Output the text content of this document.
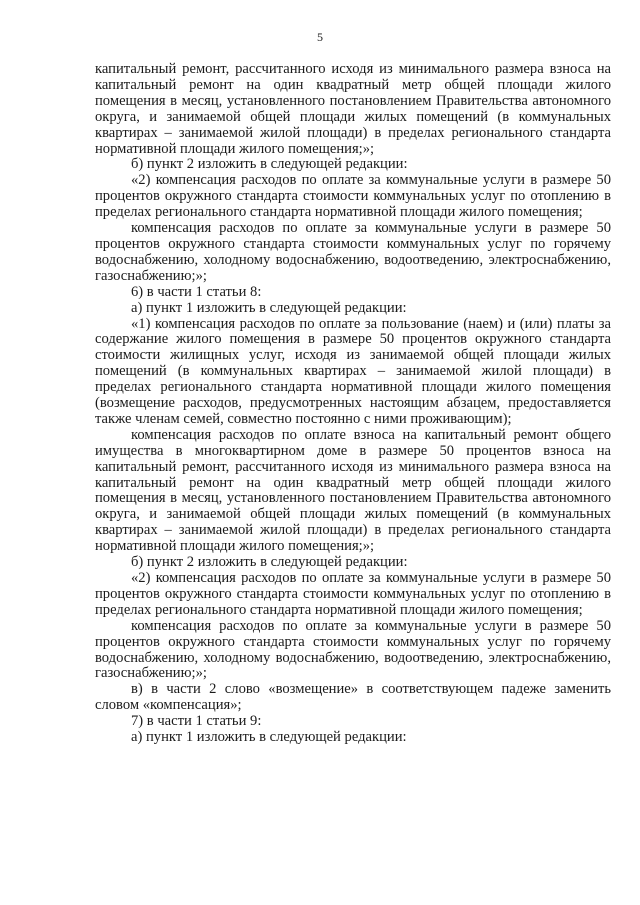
5

капитальный ремонт, рассчитанного исходя из минимального размера взноса на капитальный ремонт на один квадратный метр общей площади жилого помещения в месяц, установленного постановлением Правительства автономного округа, и занимаемой общей площади жилых помещений (в коммунальных квартирах – занимаемой жилой площади) в пределах регионального стандарта нормативной площади жилого помещения;»;

б) пункт 2 изложить в следующей редакции:

«2) компенсация расходов по оплате за коммунальные услуги в размере 50 процентов окружного стандарта стоимости коммунальных услуг по отоплению в пределах регионального стандарта нормативной площади жилого помещения;

компенсация расходов по оплате за коммунальные услуги в размере 50 процентов окружного стандарта стоимости коммунальных услуг по горячему водоснабжению, холодному водоснабжению, водоотведению, электроснабжению, газоснабжению;»;

6) в части 1 статьи 8:

а) пункт 1 изложить в следующей редакции:

«1) компенсация расходов по оплате за пользование (наем) и (или) платы за содержание жилого помещения в размере 50 процентов окружного стандарта стоимости жилищных услуг, исходя из занимаемой общей площади жилых помещений (в коммунальных квартирах – занимаемой жилой площади) в пределах регионального стандарта нормативной площади жилого помещения (возмещение расходов, предусмотренных настоящим абзацем, предоставляется также членам семей, совместно постоянно с ними проживающим);

компенсация расходов по оплате взноса на капитальный ремонт общего имущества в многоквартирном доме в размере 50 процентов взноса на капитальный ремонт, рассчитанного исходя из минимального размера взноса на капитальный ремонт на один квадратный метр общей площади жилого помещения в месяц, установленного постановлением Правительства автономного округа, и занимаемой общей площади жилых помещений (в коммунальных квартирах – занимаемой жилой площади) в пределах регионального стандарта нормативной площади жилого помещения;»;

б) пункт 2 изложить в следующей редакции:

«2) компенсация расходов по оплате за коммунальные услуги в размере 50 процентов окружного стандарта стоимости коммунальных услуг по отоплению в пределах регионального стандарта нормативной площади жилого помещения;

компенсация расходов по оплате за коммунальные услуги в размере 50 процентов окружного стандарта стоимости коммунальных услуг по горячему водоснабжению, холодному водоснабжению, водоотведению, электроснабжению, газоснабжению;»;

в) в части 2 слово «возмещение» в соответствующем падеже заменить словом «компенсация»;

7) в части 1 статьи 9:

а) пункт 1 изложить в следующей редакции:
